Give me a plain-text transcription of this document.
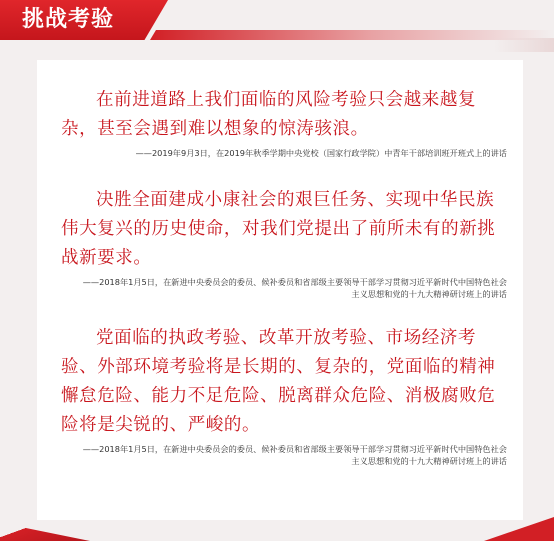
挑战考验

在前进道路上我们面临的风险考验只会越来越复杂，甚至会遇到难以想象的惊涛骇浪。

——2019年9月3日，在2019年秋季学期中央党校（国家行政学院）中青年干部培训班开班式上的讲话

决胜全面建成小康社会的艰巨任务、实现中华民族伟大复兴的历史使命，对我们党提出了前所未有的新挑战新要求。

——2018年1月5日，在新进中央委员会的委员、候补委员和省部级主要领导干部学习贯彻习近平新时代中国特色社会主义思想和党的十九大精神研讨班上的讲话

党面临的执政考验、改革开放考验、市场经济考验、外部环境考验将是长期的、复杂的，党面临的精神懈怠危险、能力不足危险、脱离群众危险、消极腐败危险将是尖锐的、严峻的。

——2018年1月5日，在新进中央委员会的委员、候补委员和省部级主要领导干部学习贯彻习近平新时代中国特色社会主义思想和党的十九大精神研讨班上的讲话
